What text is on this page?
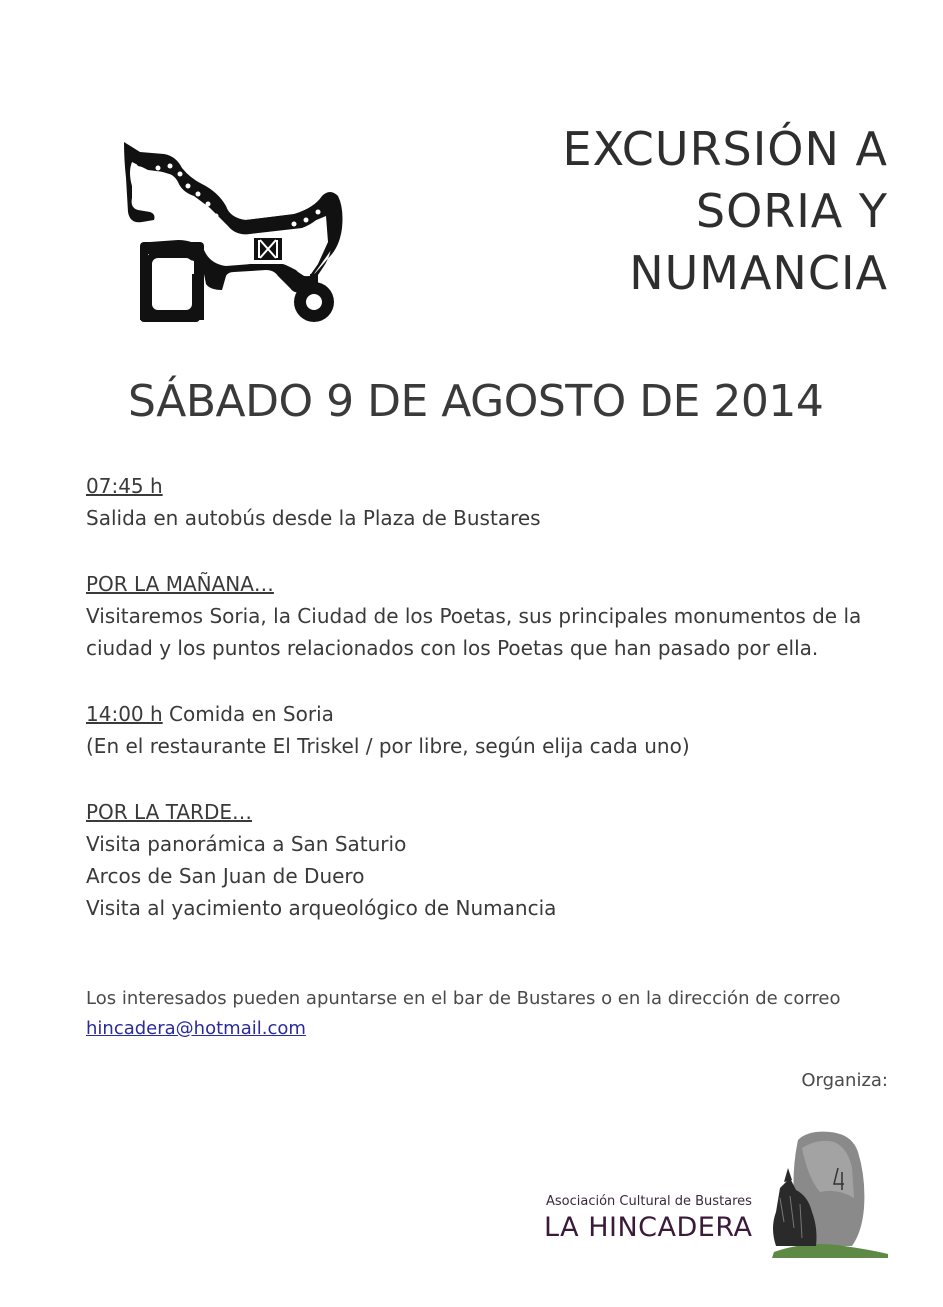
EXCURSIÓN A
SORIA Y
NUMANCIA
SÁBADO 9 DE AGOSTO DE 2014
07:45 h
Salida en autobús desde la Plaza de Bustares
POR LA MAÑANA…
Visitaremos Soria, la Ciudad de los Poetas, sus principales monumentos de la
ciudad y los puntos relacionados con los Poetas que han pasado por ella.
14:00 h Comida en Soria
(En el restaurante El Triskel / por libre, según elija cada uno)
POR LA TARDE…
Visita panorámica a San Saturio
Arcos de San Juan de Duero
Visita al yacimiento arqueológico de Numancia
Los interesados pueden apuntarse en el bar de Bustares o en la dirección de correo
hincadera@hotmail.com
Organiza:
Asociación Cultural de Bustares
LA HINCADERA
